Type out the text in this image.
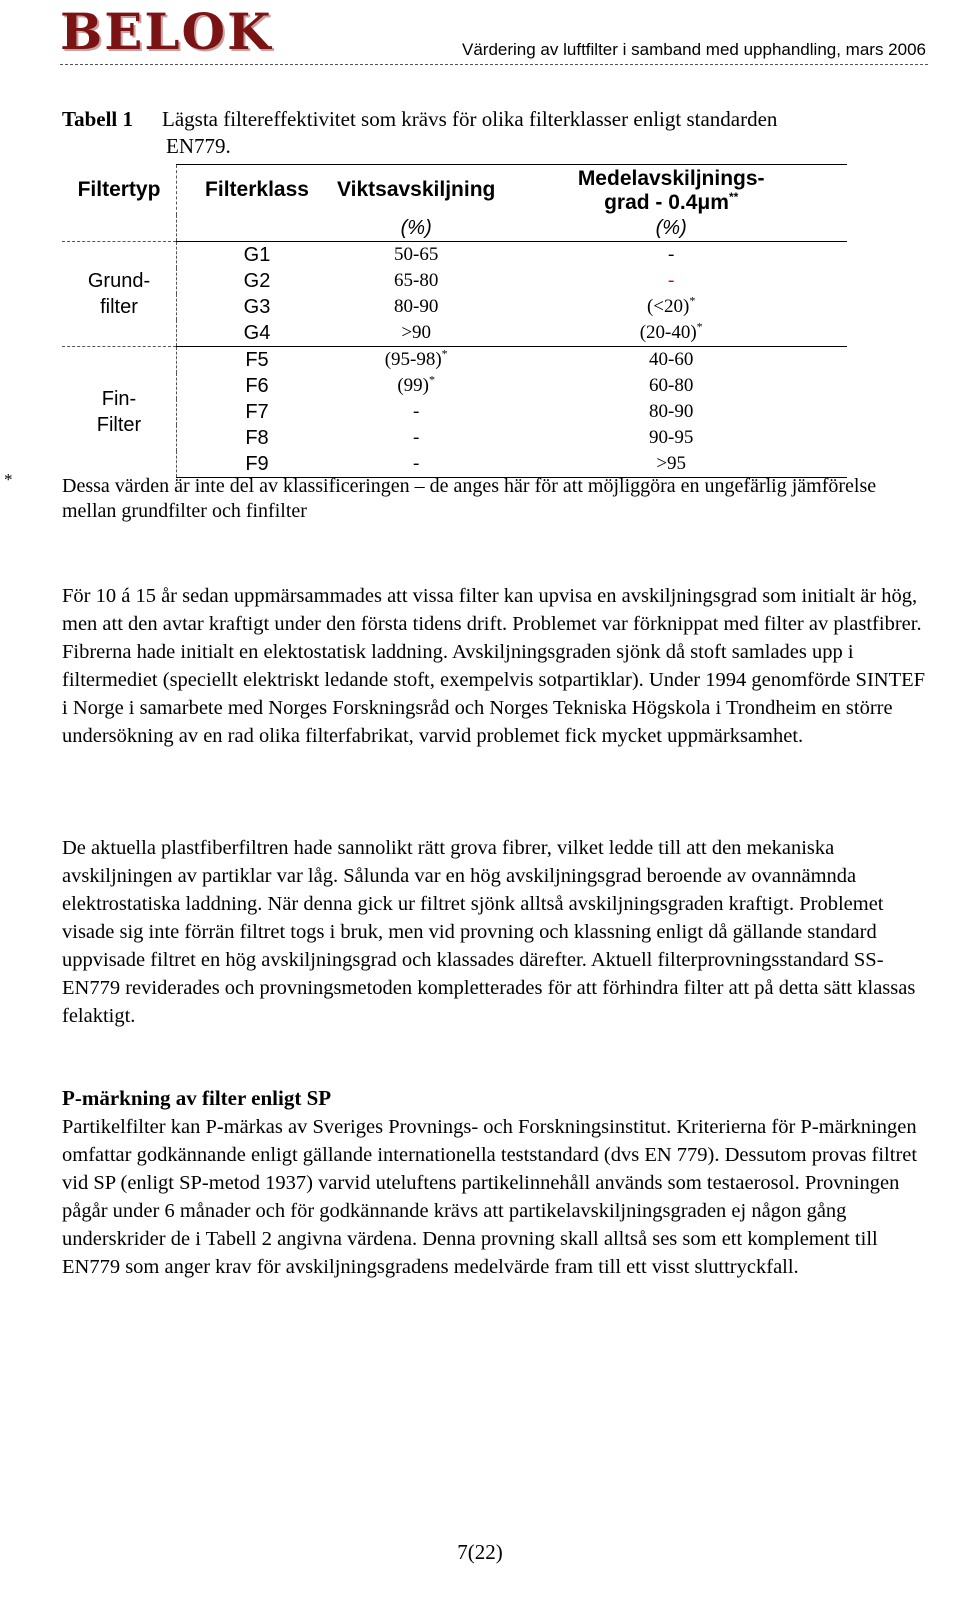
BELOK	Värdering av luftfilter i samband med upphandling, mars 2006
Tabell 1 Lägsta filtereffektivitet som krävs för olika filterklasser enligt standarden
EN779.
Filtertyp	Filterklass	Viktsavskiljning	Medelavskiljnings-
grad - 0.4μm**

		(%)	(%)
Grund-
filter	G1	50-65	-
	G2	65-80	-
	G3	80-90	(<20)*
	G4	>90	(20-40)*
Fin-
Filter	F5	(95-98)*	40-60
	F6	(99)*	60-80
	F7	-	80-90
	F8	-	90-95
	F9	-	>95
* Dessa värden är inte del av klassificeringen – de anges här för att möjliggöra en ungefärlig jämförelse mellan grundfilter och finfilter

För 10 á 15 år sedan uppmärsammades att vissa filter kan upvisa en avskiljningsgrad som initialt är hög, men att den avtar kraftigt under den första tidens drift. Problemet var förknippat med filter av plastfibrer. Fibrerna hade initialt en elektostatisk laddning. Avskiljningsgraden sjönk då stoft samlades upp i filtermediet (speciellt elektriskt ledande stoft, exempelvis sotpartiklar). Under 1994 genomförde SINTEF i Norge i samarbete med Norges Forskningsråd och Norges Tekniska Högskola i Trondheim en större undersökning av en rad olika filterfabrikat, varvid problemet fick mycket uppmärksamhet.

De aktuella plastfiberfiltren hade sannolikt rätt grova fibrer, vilket ledde till att den mekaniska avskiljningen av partiklar var låg. Sålunda var en hög avskiljningsgrad beroende av ovannämnda elektrostatiska laddning. När denna gick ur filtret sjönk alltså avskiljningsgraden kraftigt. Problemet visade sig inte förrän filtret togs i bruk, men vid provning och klassning enligt då gällande standard uppvisade filtret en hög avskiljningsgrad och klassades därefter. Aktuell filterprovningsstandard SS-EN779 reviderades och provningsmetoden kompletterades för att förhindra filter att på detta sätt klassas felaktigt.

P-märkning av filter enligt SP

Partikelfilter kan P-märkas av Sveriges Provnings- och Forskningsinstitut. Kriterierna för P-märkningen omfattar godkännande enligt gällande internationella teststandard (dvs EN 779). Dessutom provas filtret vid SP (enligt SP-metod 1937) varvid uteluftens partikelinnehåll används som testaerosol. Provningen pågår under 6 månader och för godkännande krävs att partikelavskiljningsgraden ej någon gång underskrider de i Tabell 2 angivna värdena. Denna provning skall alltså ses som ett komplement till EN779 som anger krav för avskiljningsgradens medelvärde fram till ett visst sluttryckfall.

7(22)
